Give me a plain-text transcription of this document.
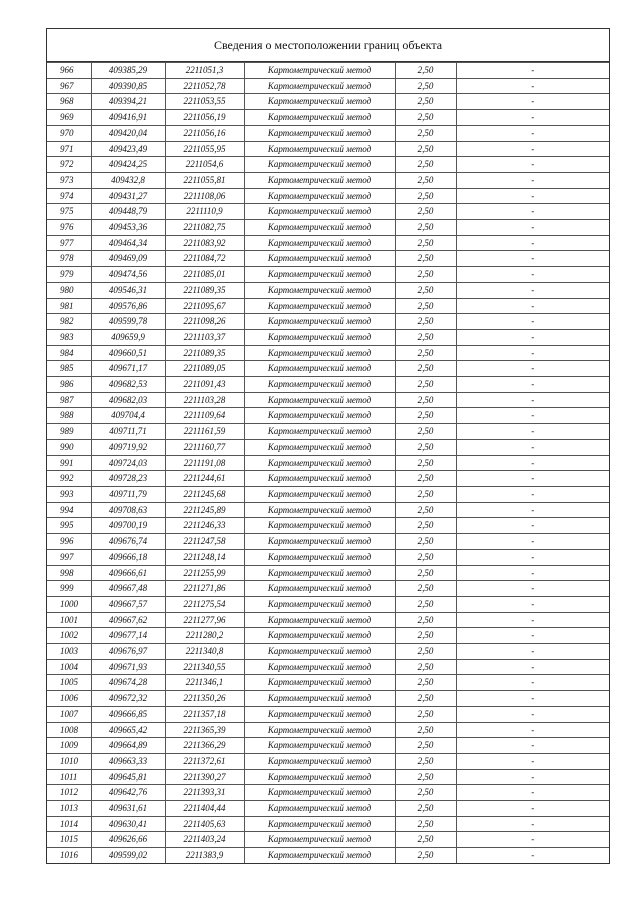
Сведения о местоположении границ объекта
966	409385,29	2211051,3	Картометрический метод	2,50	-
967	409390,85	2211052,78	Картометрический метод	2,50	-
968	409394,21	2211053,55	Картометрический метод	2,50	-
969	409416,91	2211056,19	Картометрический метод	2,50	-
970	409420,04	2211056,16	Картометрический метод	2,50	-
971	409423,49	2211055,95	Картометрический метод	2,50	-
972	409424,25	2211054,6	Картометрический метод	2,50	-
973	409432,8	2211055,81	Картометрический метод	2,50	-
974	409431,27	2211108,06	Картометрический метод	2,50	-
975	409448,79	2211110,9	Картометрический метод	2,50	-
976	409453,36	2211082,75	Картометрический метод	2,50	-
977	409464,34	2211083,92	Картометрический метод	2,50	-
978	409469,09	2211084,72	Картометрический метод	2,50	-
979	409474,56	2211085,01	Картометрический метод	2,50	-
980	409546,31	2211089,35	Картометрический метод	2,50	-
981	409576,86	2211095,67	Картометрический метод	2,50	-
982	409599,78	2211098,26	Картометрический метод	2,50	-
983	409659,9	2211103,37	Картометрический метод	2,50	-
984	409660,51	2211089,35	Картометрический метод	2,50	-
985	409671,17	2211089,05	Картометрический метод	2,50	-
986	409682,53	2211091,43	Картометрический метод	2,50	-
987	409682,03	2211103,28	Картометрический метод	2,50	-
988	409704,4	2211109,64	Картометрический метод	2,50	-
989	409711,71	2211161,59	Картометрический метод	2,50	-
990	409719,92	2211160,77	Картометрический метод	2,50	-
991	409724,03	2211191,08	Картометрический метод	2,50	-
992	409728,23	2211244,61	Картометрический метод	2,50	-
993	409711,79	2211245,68	Картометрический метод	2,50	-
994	409708,63	2211245,89	Картометрический метод	2,50	-
995	409700,19	2211246,33	Картометрический метод	2,50	-
996	409676,74	2211247,58	Картометрический метод	2,50	-
997	409666,18	2211248,14	Картометрический метод	2,50	-
998	409666,61	2211255,99	Картометрический метод	2,50	-
999	409667,48	2211271,86	Картометрический метод	2,50	-
1000	409667,57	2211275,54	Картометрический метод	2,50	-
1001	409667,62	2211277,96	Картометрический метод	2,50	-
1002	409677,14	2211280,2	Картометрический метод	2,50	-
1003	409676,97	2211340,8	Картометрический метод	2,50	-
1004	409671,93	2211340,55	Картометрический метод	2,50	-
1005	409674,28	2211346,1	Картометрический метод	2,50	-
1006	409672,32	2211350,26	Картометрический метод	2,50	-
1007	409666,85	2211357,18	Картометрический метод	2,50	-
1008	409665,42	2211365,39	Картометрический метод	2,50	-
1009	409664,89	2211366,29	Картометрический метод	2,50	-
1010	409663,33	2211372,61	Картометрический метод	2,50	-
1011	409645,81	2211390,27	Картометрический метод	2,50	-
1012	409642,76	2211393,31	Картометрический метод	2,50	-
1013	409631,61	2211404,44	Картометрический метод	2,50	-
1014	409630,41	2211405,63	Картометрический метод	2,50	-
1015	409626,66	2211403,24	Картометрический метод	2,50	-
1016	409599,02	2211383,9	Картометрический метод	2,50	-
